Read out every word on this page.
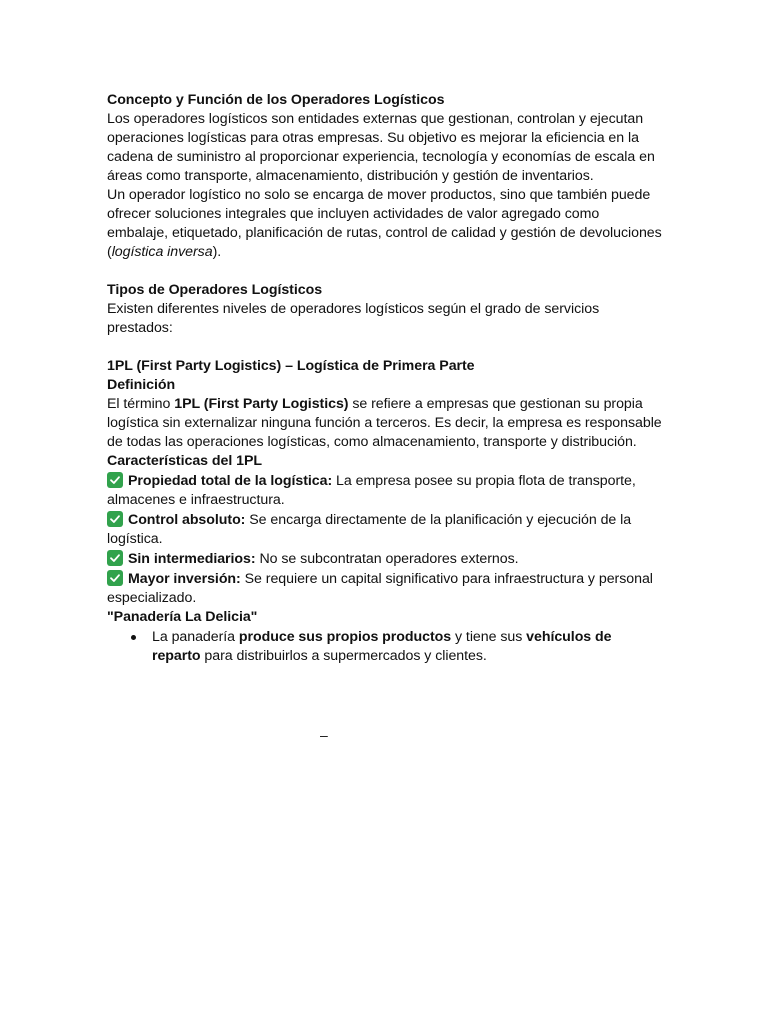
Concepto y Función de los Operadores Logísticos

Los operadores logísticos son entidades externas que gestionan, controlan y ejecutan operaciones logísticas para otras empresas. Su objetivo es mejorar la eficiencia en la cadena de suministro al proporcionar experiencia, tecnología y economías de escala en áreas como transporte, almacenamiento, distribución y gestión de inventarios.

Un operador logístico no solo se encarga de mover productos, sino que también puede ofrecer soluciones integrales que incluyen actividades de valor agregado como embalaje, etiquetado, planificación de rutas, control de calidad y gestión de devoluciones (logística inversa).

Tipos de Operadores Logísticos

Existen diferentes niveles de operadores logísticos según el grado de servicios prestados:

1PL (First Party Logistics) – Logística de Primera Parte

Definición

El término 1PL (First Party Logistics) se refiere a empresas que gestionan su propia logística sin externalizar ninguna función a terceros. Es decir, la empresa es responsable de todas las operaciones logísticas, como almacenamiento, transporte y distribución.

Características del 1PL

Propiedad total de la logística: La empresa posee su propia flota de transporte, almacenes e infraestructura.

Control absoluto: Se encarga directamente de la planificación y ejecución de la logística.

Sin intermediarios: No se subcontratan operadores externos.

Mayor inversión: Se requiere un capital significativo para infraestructura y personal especializado.

"Panadería La Delicia"

La panadería produce sus propios productos y tiene sus vehículos de reparto para distribuirlos a supermercados y clientes.
–
